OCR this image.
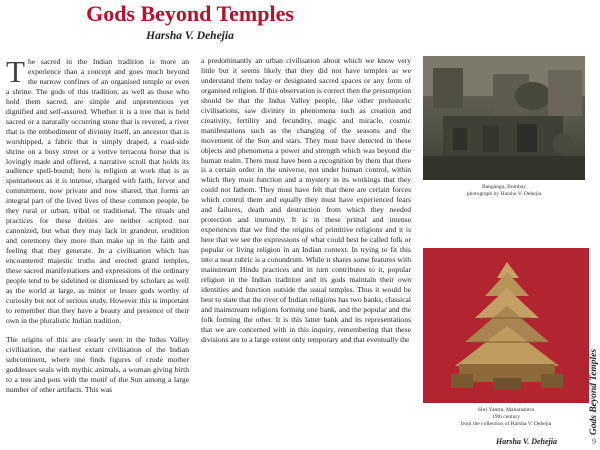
Gods Beyond Temples

Harsha V. Dehejia

T he sacred in the Indian tradition is more an experience than a concept and goes much beyond the narrow confines of an organised temple or even a shrine. The gods of this tradition, as well as those who hold them sacred, are simple and unpretentious yet dignified and self-assured. Whether it is a tree that is held sacred or a naturally occurring stone that is revered, a river that is the embodiment of divinity itself, an ancestor that is worshipped, a fabric that is simply draped, a road-side shrine on a busy street or a votive terracota horse that is lovingly made and offered, a narrative scroll that holds its audience spell-bound; here is religion at work that is as spontaneous as it is intense, charged with faith, fervor and commitment, now private and now shared, that forms an integral part of the lived lives of these common people, be they rural or urban, tribal or traditional. The rituals and practices for these deities are neither scripted nor canonized, but what they may lack in grandeur, erudition and ceremony they more than make up in the faith and feeling that they generate. In a civilisation which has encountered majestic truths and erected grand temples, these sacred manifestations and expressions of the ordinary people tend to be sidelined or dismissed by scholars as well as the world at large, as minor or lesser gods worthy of curiosity but not of serious study. However this is important to remember that they have a beauty and presence of their own in the pluralistic Indian tradition.

The origins of this are clearly seen in the Indus Valley civilisation, the earliest extant civilisation of the Indian subcontinent, where one finds figures of crude mother goddesses seals with mythic animals, a woman giving birth to a tree and pots with the motif of the Sun among a large number of other artifacts. This was

a predominantly an urban civilisation about which we know very little but it seems likely that they did not have temples as we understand them today or designated sacred spaces or any form of organised religion. If this observation is correct then the presumption should be that the Indus Valley people, like other prehistoric civilisations, saw divinity in phenomena such as creation and creativity, fertility and fecundity, magic and miracle, cosmic manifestations such as the changing of the seasons and the movement of the Sun and stars. They must have detected in these objects and phenomena a power and strength which was beyond the human realm. There must have been a recognition by them that there is a certain order in the universe, not under human control, within which they must function and a mystery in its workings that they could not fathom. They must have felt that there are certain forces which control them and equally they must have experienced fears and failures, death and destruction from which they needed protection and immunity. It is in these primal and intense experiences that we find the origins of primitive religions and it is here that we see the expressions of what could best be called folk or popular or living religion in an Indian context. In trying to fit this into a neat rubric is a conundrum. While it shares some features with mainstream Hindu practices and in turn contributes to it, popular religion in the Indian tradition and its gods maintain their own identities and function outside the usual temples. Thus it would be best to state that the river of Indian religions has two banks, classical and mainstream religions forming one bank, and the popular and the folk forming the other. It is this latter bank and its representations that we are concerned with in this inquiry, remembering that these divisions are to a large extent only temporary and that eventually the

Banganga, Bombay
photograph by Harsha V. Dehejia
Shri Yantra, Maharashtra
19th century
from the collection of Harsha V. Dehejia	Gods Beyond Temples
Harsha V. Dehejia	9
